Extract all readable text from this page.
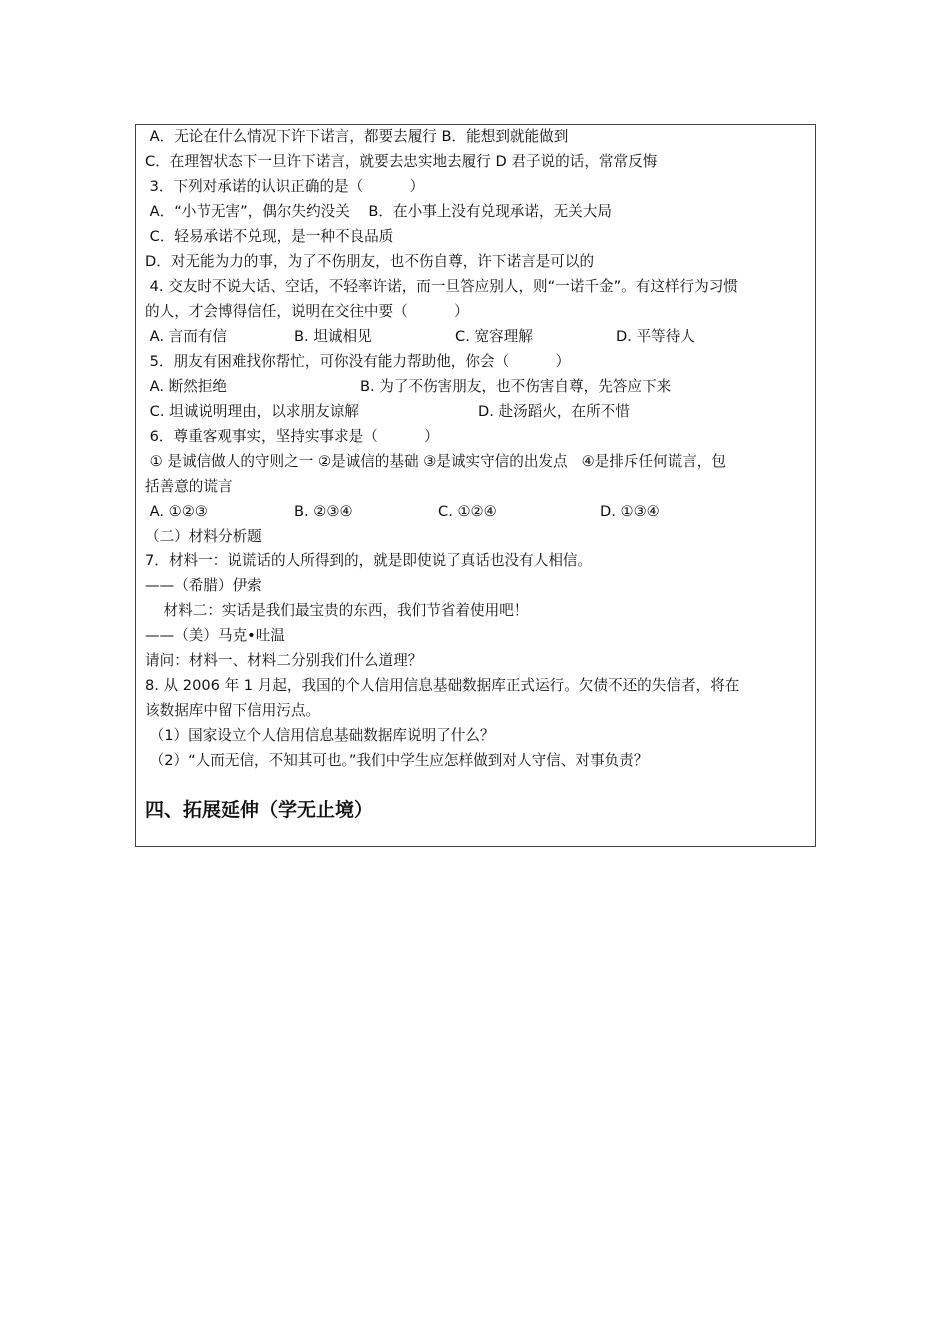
A．无论在什么情况下许下诺言，都要去履行 B．能想到就能做到
C．在理智状态下一旦许下诺言，就要去忠实地去履行 D 君子说的话，常常反悔
3．下列对承诺的认识正确的是（          ）
A．“小节无害”，偶尔失约没关    B．在小事上没有兑现承诺，无关大局
C．轻易承诺不兑现，是一种不良品质
D．对无能为力的事，为了不伤朋友，也不伤自尊，许下诺言是可以的
4. 交友时不说大话、空话，不轻率许诺，而一旦答应别人，则“一诺千金”。有这样行为习惯
的人，才会博得信任，说明在交往中要（          ）
A. 言而有信	B. 坦诚相见	C. 宽容理解	D. 平等待人
5．朋友有困难找你帮忙，可你没有能力帮助他，你会（          ）
A. 断然拒绝	B. 为了不伤害朋友，也不伤害自尊，先答应下来
C. 坦诚说明理由，以求朋友谅解	D. 赴汤蹈火，在所不惜
6．尊重客观事实，坚持实事求是（          ）
① 是诚信做人的守则之一 ②是诚信的基础 ③是诚实守信的出发点   ④是排斥任何谎言，包
括善意的谎言
A. ①②③	B. ②③④	C. ①②④	D. ①③④
（二）材料分析题
7．材料一：说谎话的人所得到的，就是即使说了真话也没有人相信。
——（希腊）伊索
材料二：实话是我们最宝贵的东西，我们节省着使用吧！
——（美）马克•吐温
请问：材料一、材料二分别我们什么道理？
8. 从 2006 年 1 月起，我国的个人信用信息基础数据库正式运行。欠债不还的失信者，将在
该数据库中留下信用污点。
（1）国家设立个人信用信息基础数据库说明了什么？
（2）“人而无信，不知其可也。”我们中学生应怎样做到对人守信、对事负责？
四、拓展延伸（学无止境）
